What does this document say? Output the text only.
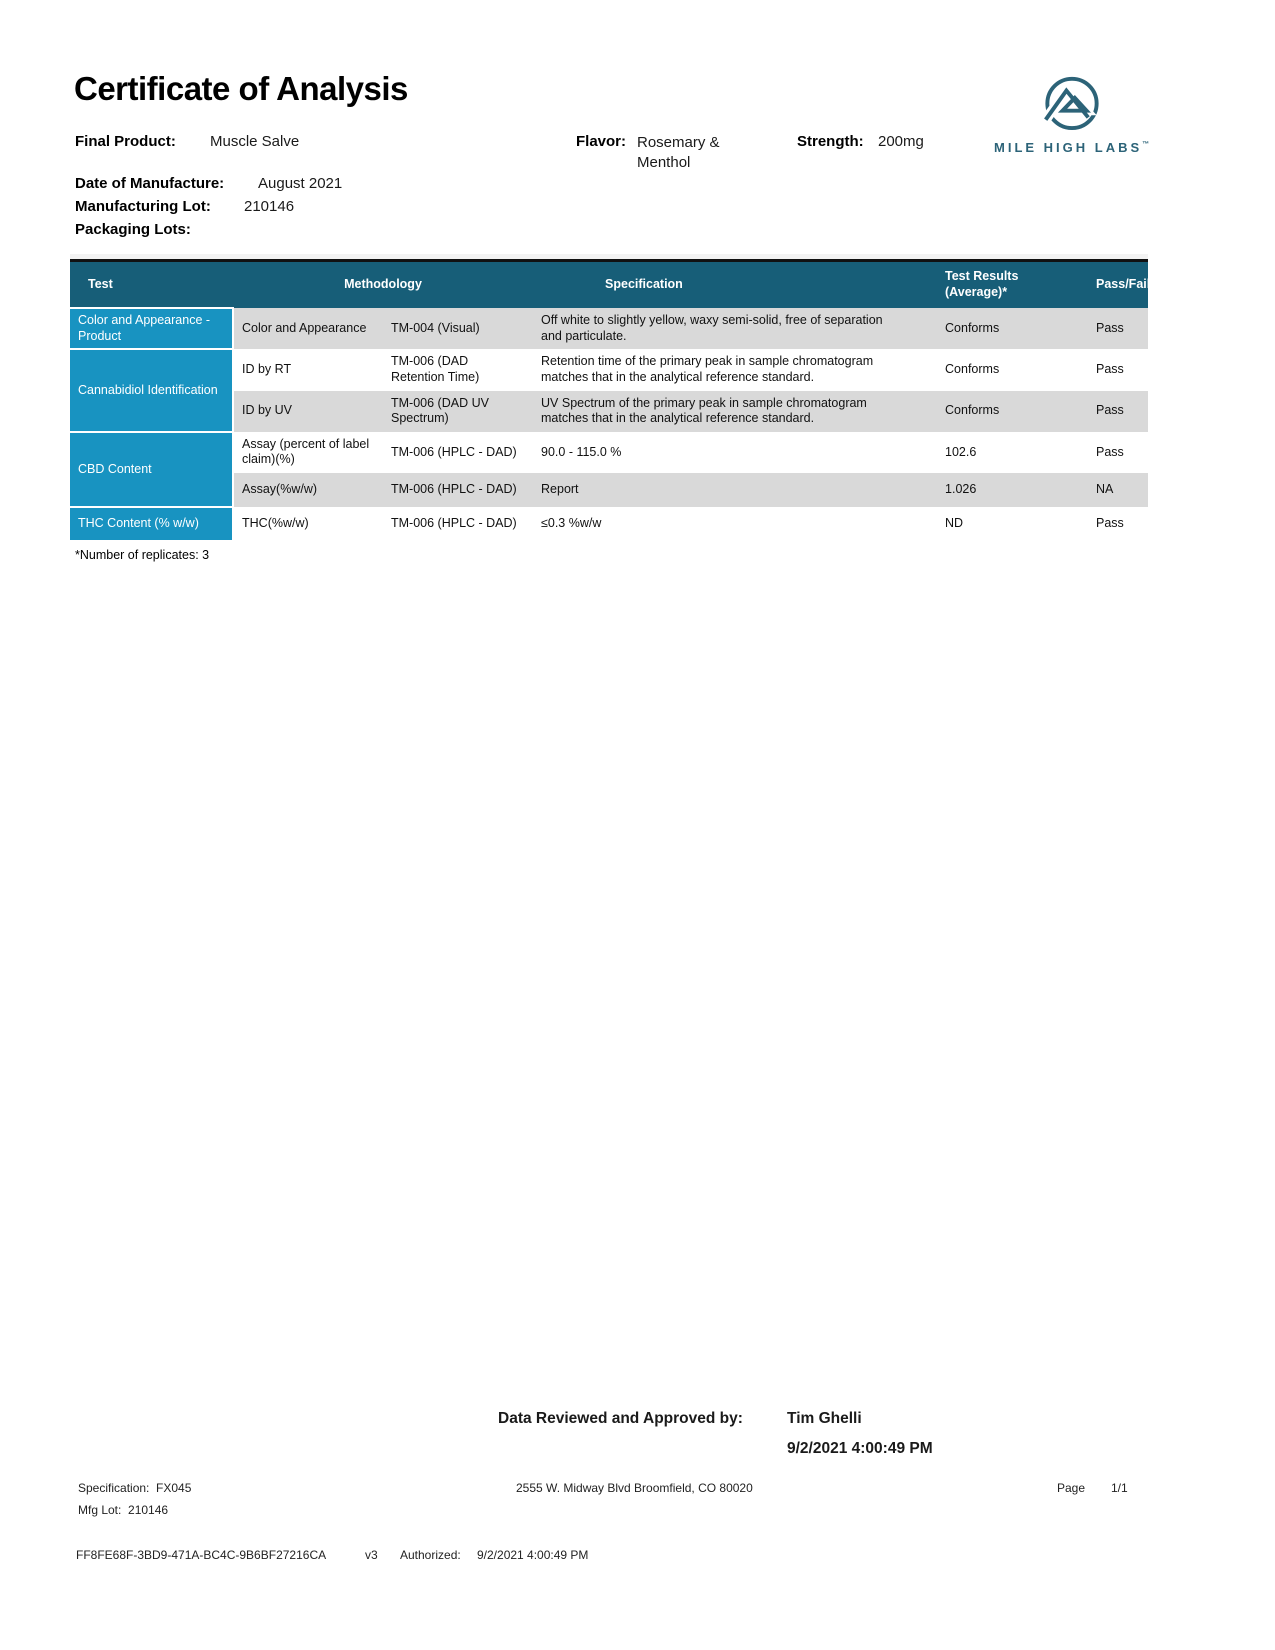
Certificate of Analysis
MILE HIGH LABS™
Final Product: Muscle Salve	Flavor: Rosemary & Menthol
Strength: 200mg
Date of Manufacture: August 2021
Manufacturing Lot: 210146
Packaging Lots:
Test	Methodology		Specification	Test Results (Average)*	Pass/Fail
Color and Appearance - Product	Color and Appearance	TM-004 (Visual)	Off white to slightly yellow, waxy semi-solid, free of separation and particulate.	Conforms	Pass
Cannabidiol Identification	ID by RT	TM-006 (DAD Retention Time)	Retention time of the primary peak in sample chromatogram matches that in the analytical reference standard.	Conforms	Pass
	ID by UV	TM-006 (DAD UV Spectrum)	UV Spectrum of the primary peak in sample chromatogram matches that in the analytical reference standard.	Conforms	Pass
CBD Content	Assay (percent of label claim)(%)	TM-006 (HPLC - DAD)	90.0 - 115.0 %	102.6	Pass
	Assay(%w/w)	TM-006 (HPLC - DAD)	Report	1.026	NA
THC Content (% w/w)	THC(%w/w)	TM-006 (HPLC - DAD)	≤0.3 %w/w	ND	Pass
*Number of replicates: 3
Data Reviewed and Approved by:	Tim Ghelli
9/2/2021 4:00:49 PM
Specification: FX045	2555 W. Midway Blvd Broomfield, CO 80020	Page 1/1
Mfg Lot: 210146
FF8FE68F-3BD9-471A-BC4C-9B6BF27216CA	v3 Authorized: 9/2/2021 4:00:49 PM
